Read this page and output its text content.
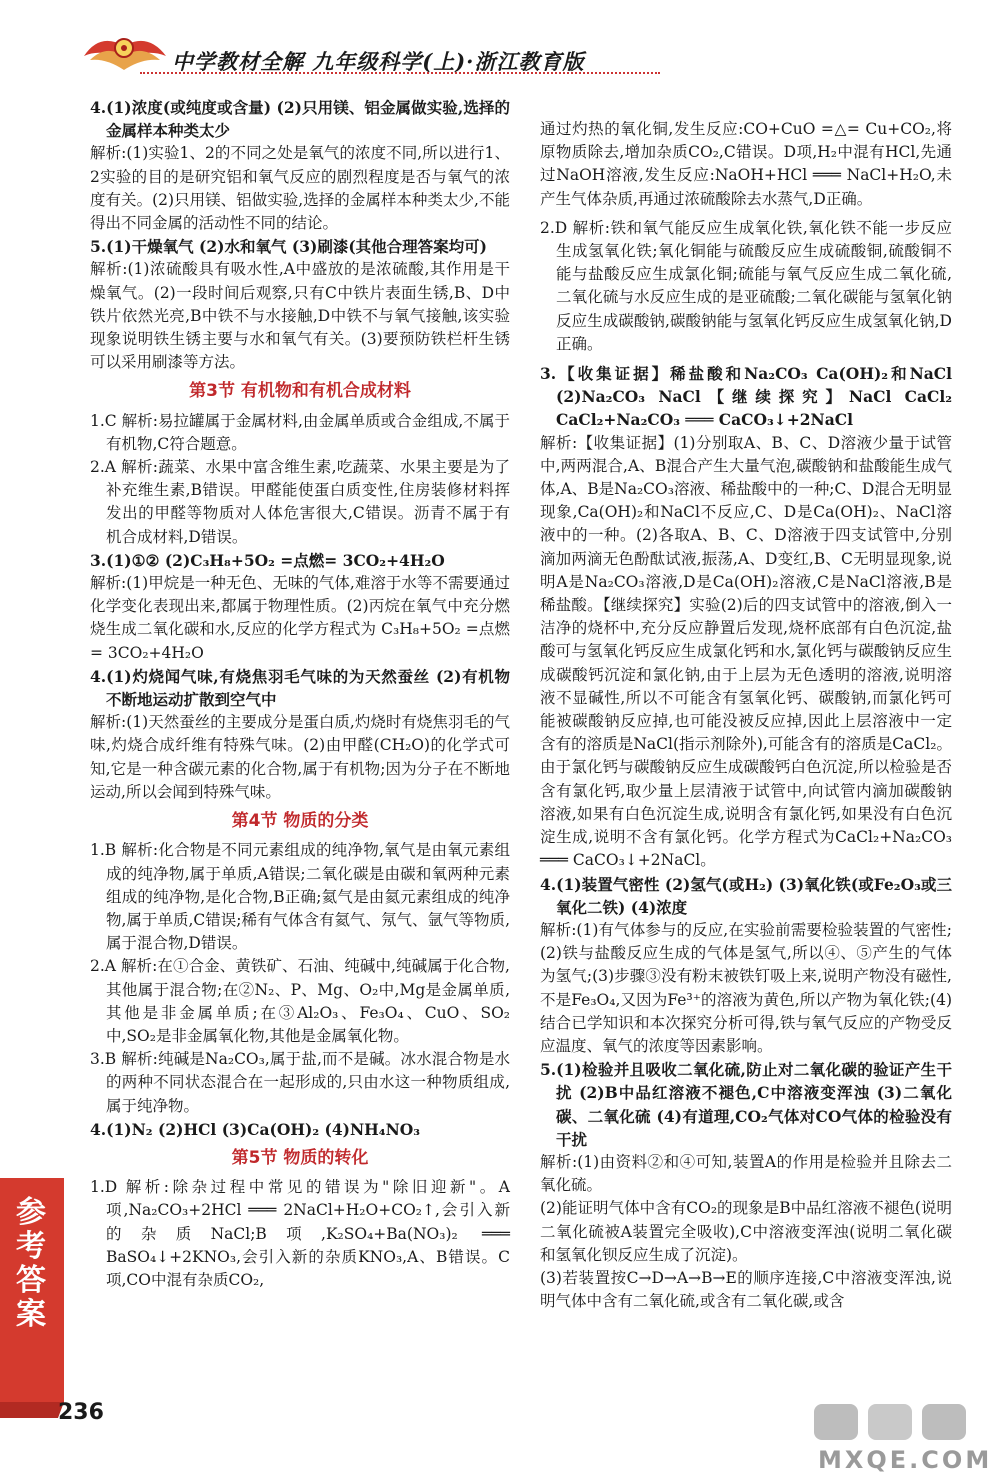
中学教材全解 九年级科学(上)·浙江教育版

4.(1)浓度(或纯度或含量) (2)只用镁、铝金属做实验,选择的金属样本种类太少

解析:(1)实验1、2的不同之处是氧气的浓度不同,所以进行1、2实验的目的是研究铝和氧气反应的剧烈程度是否与氧气的浓度有关。(2)只用镁、铝做实验,选择的金属样本种类太少,不能得出不同金属的活动性不同的结论。

5.(1)干燥氧气 (2)水和氧气 (3)刷漆(其他合理答案均可)

解析:(1)浓硫酸具有吸水性,A中盛放的是浓硫酸,其作用是干燥氧气。(2)一段时间后观察,只有C中铁片表面生锈,B、D中铁片依然光亮,B中铁不与水接触,D中铁不与氧气接触,该实验现象说明铁生锈主要与水和氧气有关。(3)要预防铁栏杆生锈可以采用刷漆等方法。

第3节 有机物和有机合成材料

1.C 解析:易拉罐属于金属材料,由金属单质或合金组成,不属于有机物,C符合题意。

2.A 解析:蔬菜、水果中富含维生素,吃蔬菜、水果主要是为了补充维生素,B错误。甲醛能使蛋白质变性,住房装修材料挥发出的甲醛等物质对人体危害很大,C错误。沥青不属于有机合成材料,D错误。

3.(1)①② (2)C₃H₈+5O₂ =点燃= 3CO₂+4H₂O

解析:(1)甲烷是一种无色、无味的气体,难溶于水等不需要通过化学变化表现出来,都属于物理性质。(2)丙烷在氧气中充分燃烧生成二氧化碳和水,反应的化学方程式为 C₃H₈+5O₂ =点燃= 3CO₂+4H₂O

4.(1)灼烧闻气味,有烧焦羽毛气味的为天然蚕丝 (2)有机物 不断地运动扩散到空气中

解析:(1)天然蚕丝的主要成分是蛋白质,灼烧时有烧焦羽毛的气味,灼烧合成纤维有特殊气味。(2)由甲醛(CH₂O)的化学式可知,它是一种含碳元素的化合物,属于有机物;因为分子在不断地运动,所以会闻到特殊气味。

第4节 物质的分类

1.B 解析:化合物是不同元素组成的纯净物,氧气是由氧元素组成的纯净物,属于单质,A错误;二氧化碳是由碳和氧两种元素组成的纯净物,是化合物,B正确;氦气是由氦元素组成的纯净物,属于单质,C错误;稀有气体含有氦气、氖气、氩气等物质,属于混合物,D错误。

2.A 解析:在①合金、黄铁矿、石油、纯碱中,纯碱属于化合物,其他属于混合物;在②N₂、P、Mg、O₂中,Mg是金属单质,其他是非金属单质;在③Al₂O₃、Fe₃O₄、CuO、SO₂中,SO₂是非金属氧化物,其他是金属氧化物。

3.B 解析:纯碱是Na₂CO₃,属于盐,而不是碱。冰水混合物是水的两种不同状态混合在一起形成的,只由水这一种物质组成,属于纯净物。

4.(1)N₂ (2)HCl (3)Ca(OH)₂ (4)NH₄NO₃

第5节 物质的转化

1.D 解析:除杂过程中常见的错误为"除旧迎新"。A项,Na₂CO₃+2HCl ═══ 2NaCl+H₂O+CO₂↑,会引入新的杂质NaCl;B项,K₂SO₄+Ba(NO₃)₂ ═══ BaSO₄↓+2KNO₃,会引入新的杂质KNO₃,A、B错误。C项,CO中混有杂质CO₂,

通过灼热的氧化铜,发生反应:CO+CuO =△= Cu+CO₂,将原物质除去,增加杂质CO₂,C错误。D项,H₂中混有HCl,先通过NaOH溶液,发生反应:NaOH+HCl ═══ NaCl+H₂O,未产生气体杂质,再通过浓硫酸除去水蒸气,D正确。

2.D 解析:铁和氧气能反应生成氧化铁,氧化铁不能一步反应生成氢氧化铁;氧化铜能与硫酸反应生成硫酸铜,硫酸铜不能与盐酸反应生成氯化铜;硫能与氧气反应生成二氧化硫,二氧化硫与水反应生成的是亚硫酸;二氧化碳能与氢氧化钠反应生成碳酸钠,碳酸钠能与氢氧化钙反应生成氢氧化钠,D正确。

3.【收集证据】稀盐酸和Na₂CO₃ Ca(OH)₂和NaCl (2)Na₂CO₃ NaCl【继续探究】NaCl CaCl₂ CaCl₂+Na₂CO₃ ═══ CaCO₃↓+2NaCl

解析:【收集证据】(1)分别取A、B、C、D溶液少量于试管中,两两混合,A、B混合产生大量气泡,碳酸钠和盐酸能生成气体,A、B是Na₂CO₃溶液、稀盐酸中的一种;C、D混合无明显现象,Ca(OH)₂和NaCl不反应,C、D是Ca(OH)₂、NaCl溶液中的一种。(2)各取A、B、C、D溶液于四支试管中,分别滴加两滴无色酚酞试液,振荡,A、D变红,B、C无明显现象,说明A是Na₂CO₃溶液,D是Ca(OH)₂溶液,C是NaCl溶液,B是稀盐酸。【继续探究】实验(2)后的四支试管中的溶液,倒入一洁净的烧杯中,充分反应静置后发现,烧杯底部有白色沉淀,盐酸可与氢氧化钙反应生成氯化钙和水,氯化钙与碳酸钠反应生成碳酸钙沉淀和氯化钠,由于上层为无色透明的溶液,说明溶液不显碱性,所以不可能含有氢氧化钙、碳酸钠,而氯化钙可能被碳酸钠反应掉,也可能没被反应掉,因此上层溶液中一定含有的溶质是NaCl(指示剂除外),可能含有的溶质是CaCl₂。由于氯化钙与碳酸钠反应生成碳酸钙白色沉淀,所以检验是否含有氯化钙,取少量上层清液于试管中,向试管内滴加碳酸钠溶液,如果有白色沉淀生成,说明含有氯化钙,如果没有白色沉淀生成,说明不含有氯化钙。化学方程式为CaCl₂+Na₂CO₃ ═══ CaCO₃↓+2NaCl。

4.(1)装置气密性 (2)氢气(或H₂) (3)氧化铁(或Fe₂O₃或三氧化二铁) (4)浓度

解析:(1)有气体参与的反应,在实验前需要检验装置的气密性;(2)铁与盐酸反应生成的气体是氢气,所以④、⑤产生的气体为氢气;(3)步骤③没有粉末被铁钉吸上来,说明产物没有磁性,不是Fe₃O₄,又因为Fe³⁺的溶液为黄色,所以产物为氧化铁;(4)结合已学知识和本次探究分析可得,铁与氧气反应的产物受反应温度、氧气的浓度等因素影响。

5.(1)检验并且吸收二氧化硫,防止对二氧化碳的验证产生干扰 (2)B中品红溶液不褪色,C中溶液变浑浊 (3)二氧化碳、二氧化硫 (4)有道理,CO₂气体对CO气体的检验没有干扰

解析:(1)由资料②和④可知,装置A的作用是检验并且除去二氧化硫。

(2)能证明气体中含有CO₂的现象是B中品红溶液不褪色(说明二氧化硫被A装置完全吸收),C中溶液变浑浊(说明二氧化碳和氢氧化钡反应生成了沉淀)。

(3)若装置按C→D→A→B→E的顺序连接,C中溶液变浑浊,说明气体中含有二氧化硫,或含有二氧化碳,或含

参考答案
236
MXQE.COM
